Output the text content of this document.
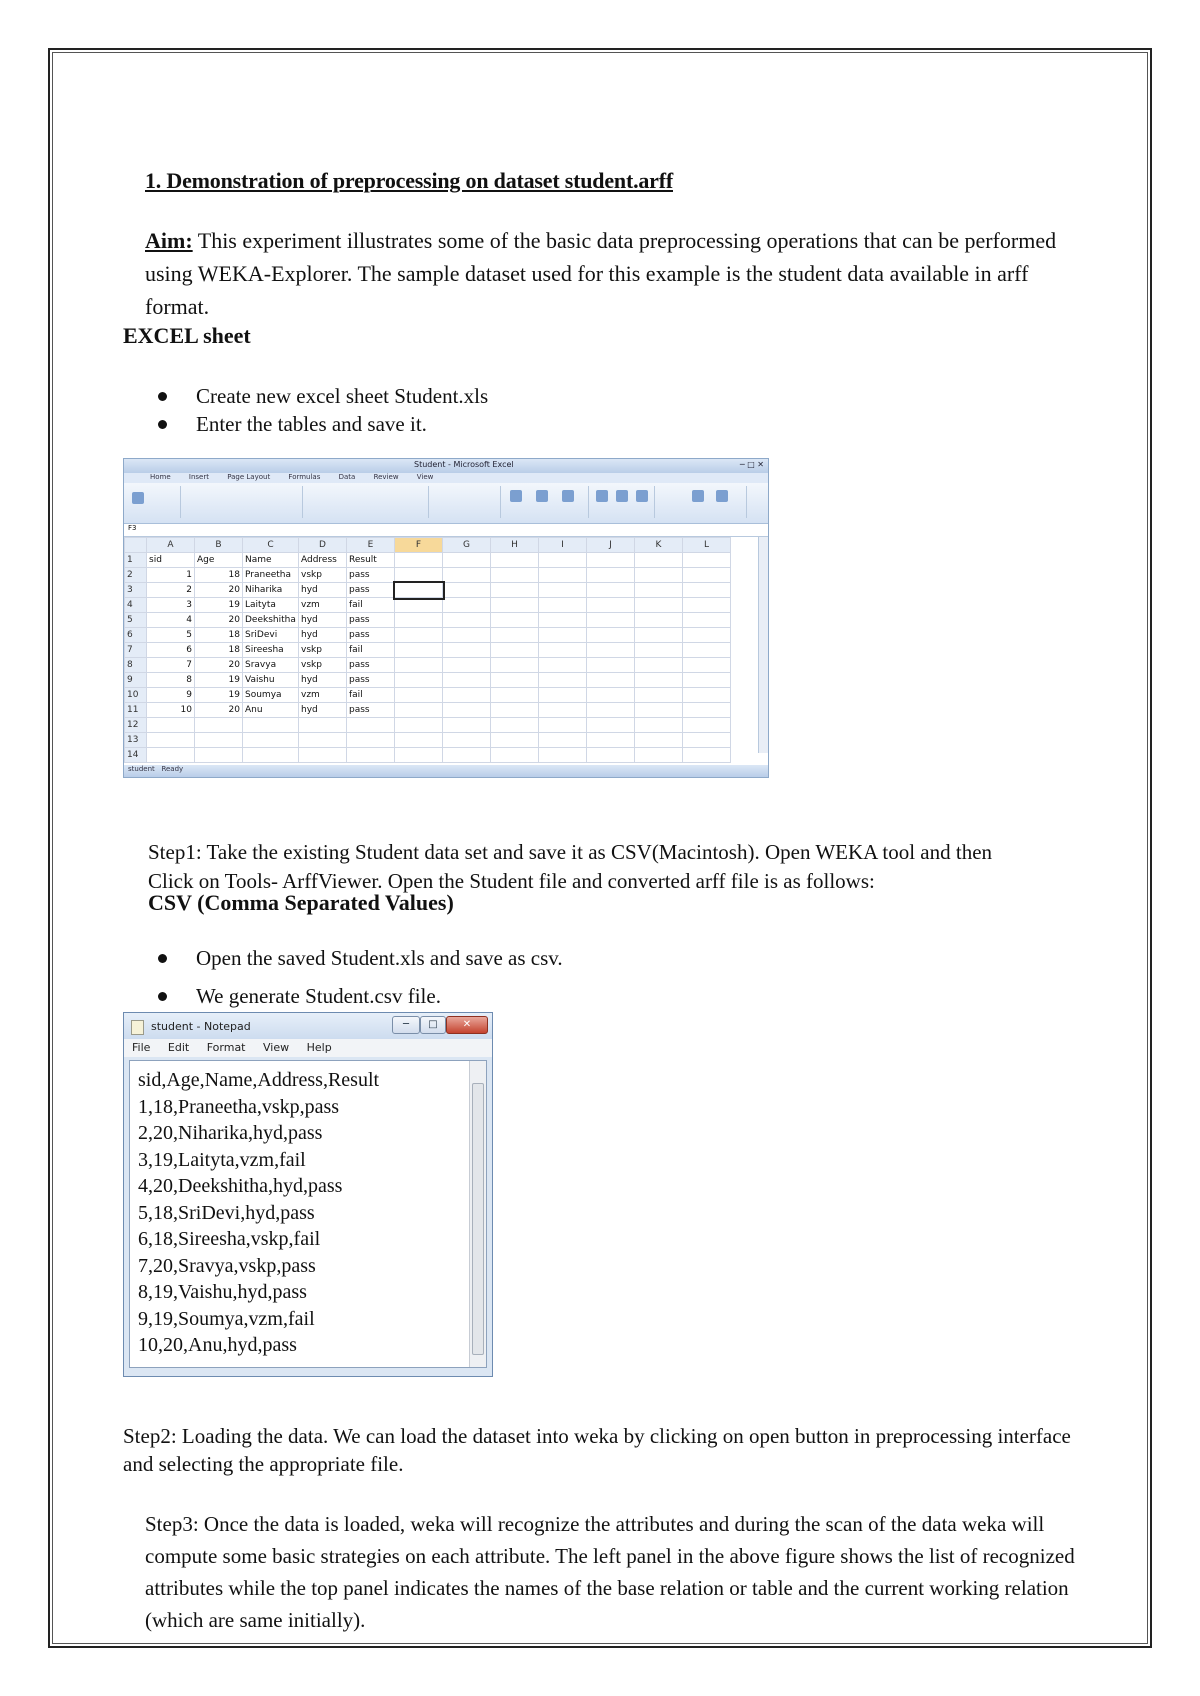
1. Demonstration of preprocessing on dataset student.arff
Aim: This experiment illustrates some of the basic data preprocessing operations that can be performed using WEKA-Explorer. The sample dataset used for this example is the student data available in arff format.
EXCEL sheet
Create new excel sheet Student.xls
Enter the tables and save it.
Student - Microsoft Excel	─ □ ✕
Home	Insert	Page Layout	Formulas	Data	Review	View
F3
	A	B	C	D	E	F	G	H	I	J	K	L
1	sid	Age	Name	Address	Result							
2	1	18	Praneetha	vskp	pass							
3	2	20	Niharika	hyd	pass							
4	3	19	Laityta	vzm	fail							
5	4	20	Deekshitha	hyd	pass							
6	5	18	SriDevi	hyd	pass							
7	6	18	Sireesha	vskp	fail							
8	7	20	Sravya	vskp	pass							
9	8	19	Vaishu	hyd	pass							
10	9	19	Soumya	vzm	fail							
11	10	20	Anu	hyd	pass							
12												
13												
14												
student Ready
Step1: Take the existing Student data set and save it as CSV(Macintosh). Open WEKA tool and then
Click on Tools- ArffViewer. Open the Student file and converted arff file is as follows:
CSV (Comma Separated Values)
Open the saved Student.xls and save as csv.
We generate Student.csv file.
student - Notepad	─	□	✕
File Edit Format View Help
sid,Age,Name,Address,Result
1,18,Praneetha,vskp,pass
2,20,Niharika,hyd,pass
3,19,Laityta,vzm,fail
4,20,Deekshitha,hyd,pass
5,18,SriDevi,hyd,pass
6,18,Sireesha,vskp,fail
7,20,Sravya,vskp,pass
8,19,Vaishu,hyd,pass
9,19,Soumya,vzm,fail
10,20,Anu,hyd,pass
Step2: Loading the data. We can load the dataset into weka by clicking on open button in preprocessing interface and selecting the appropriate file.
Step3: Once the data is loaded, weka will recognize the attributes and during the scan of the data weka will compute some basic strategies on each attribute. The left panel in the above figure shows the list of recognized attributes while the top panel indicates the names of the base relation or table and the current working relation (which are same initially).
